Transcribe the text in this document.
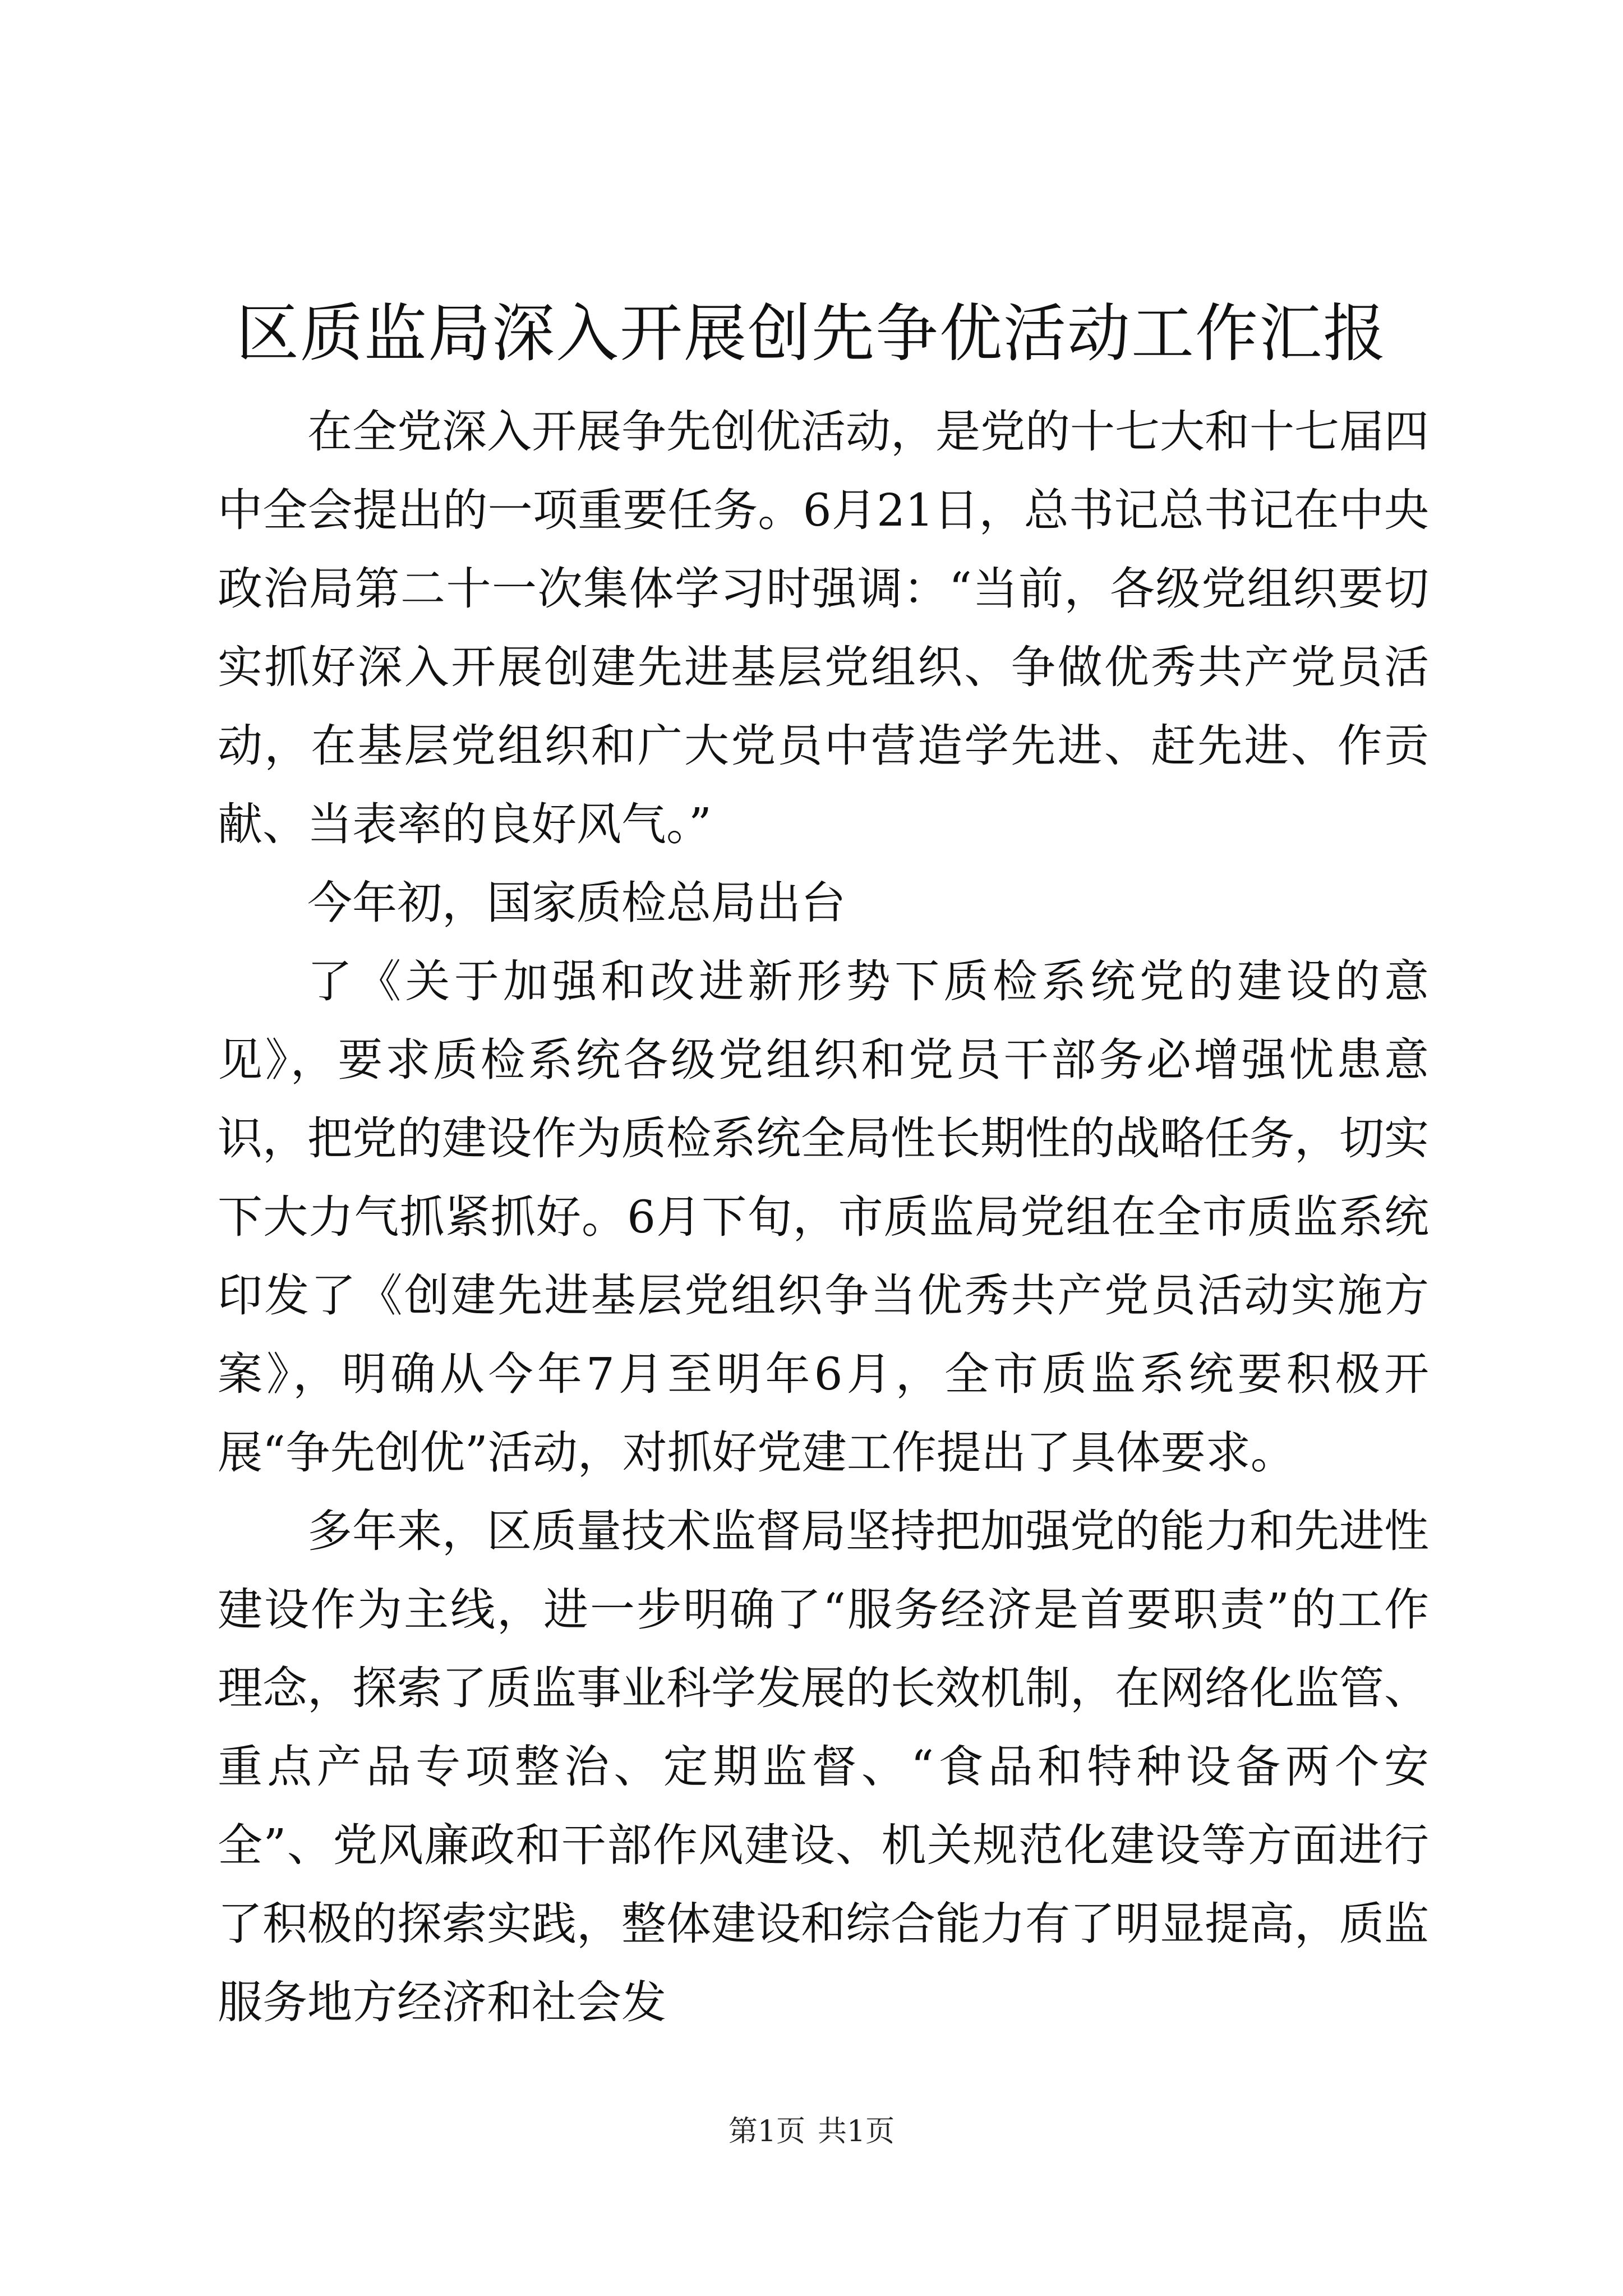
区质监局深入开展创先争优活动工作汇报

在全党深入开展争先创优活动，是党的十七大和十七届四中全会提出的一项重要任务。6月21日，总书记总书记在中央政治局第二十一次集体学习时强调：“当前，各级党组织要切实抓好深入开展创建先进基层党组织、争做优秀共产党员活动，在基层党组织和广大党员中营造学先进、赶先进、作贡献、当表率的良好风气。”

今年初，国家质检总局出台

了《关于加强和改进新形势下质检系统党的建设的意见》，要求质检系统各级党组织和党员干部务必增强忧患意识，把党的建设作为质检系统全局性长期性的战略任务，切实下大力气抓紧抓好。6月下旬，市质监局党组在全市质监系统印发了《创建先进基层党组织争当优秀共产党员活动实施方案》，明确从今年7月至明年6月，全市质监系统要积极开展“争先创优”活动，对抓好党建工作提出了具体要求。

多年来，区质量技术监督局坚持把加强党的能力和先进性建设作为主线，进一步明确了“服务经济是首要职责”的工作理念，探索了质监事业科学发展的长效机制，在网络化监管、重点产品专项整治、定期监督、“食品和特种设备两个安全”、党风廉政和干部作风建设、机关规范化建设等方面进行了积极的探索实践，整体建设和综合能力有了明显提高，质监服务地方经济和社会发

第1页 共1页
